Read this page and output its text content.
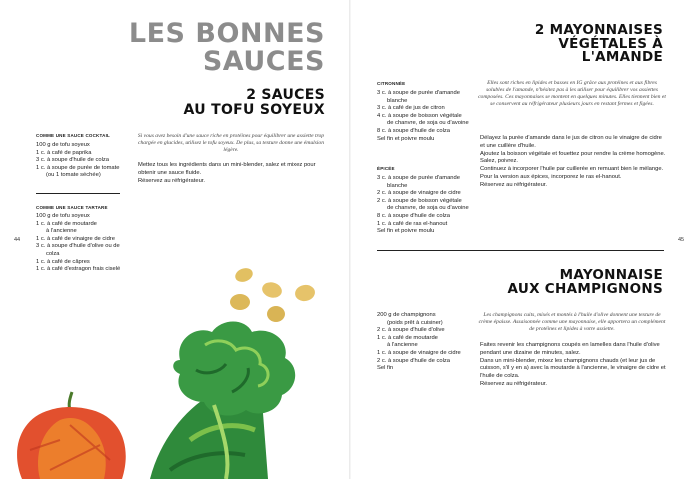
LES BONNES
SAUCES
2 SAUCES
AU TOFU SOYEUX
COMME UNE SAUCE COCKTAIL
100 g de tofu soyeux
1 c. à café de paprika
3 c. à soupe d'huile de colza
1 c. à soupe de purée de tomate
(ou 1 tomate séchée)
COMME UNE SAUCE TARTARE
100 g de tofu soyeux
1 c. à café de moutarde
à l'ancienne
1 c. à café de vinaigre de cidre
3 c. à soupe d'huile d'olive ou de
colza
1 c. à café de câpres
1 c. à café d'estragon frais ciselé
Si vous avez besoin d'une sauce riche en protéines pour équilibrer une assiette trop chargée en glucides, utilisez le tofu soyeux. De plus, sa texture donne une émulsion légère.
Mettez tous les ingrédients dans un mini-blender, salez et mixez pour obtenir une sauce fluide.
Réservez au réfrigérateur.
44
2 MAYONNAISES
VÉGÉTALES À
L'AMANDE
CITRONNÉE
3 c. à soupe de purée d'amande
blanche
3 c. à café de jus de citron
4 c. à soupe de boisson végétale
de chanvre, de soja ou d'avoine
8 c. à soupe d'huile de colza
Sel fin et poivre moulu
ÉPICÉE
3 c. à soupe de purée d'amande
blanche
2 c. à soupe de vinaigre de cidre
2 c. à soupe de boisson végétale
de chanvre, de soja ou d'avoine
8 c. à soupe d'huile de colza
1 c. à café de ras el-hanout
Sel fin et poivre moulu
Elles sont riches en lipides et basses en IG grâce aux protéines et aux fibres solubles de l'amande, n'hésitez pas à les utiliser pour équilibrer vos assiettes composées. Ces mayonnaises se montent en quelques minutes. Elles tiennent bien et se conservent au réfrigérateur plusieurs jours en restant fermes et figées.
Délayez la purée d'amande dans le jus de citron ou le vinaigre de cidre et une cuillère d'huile.
Ajoutez la boisson végétale et fouettez pour rendre la crème homogène. Salez, poivrez.
Continuez à incorporer l'huile par cuillerée en remuant bien le mélange.
Pour la version aux épices, incorporez le ras el-hanout.
Réservez au réfrigérateur.
45
MAYONNAISE
AUX CHAMPIGNONS
200 g de champignons
(poids prêt à cuisiner)
2 c. à soupe d'huile d'olive
1 c. à café de moutarde
à l'ancienne
1 c. à soupe de vinaigre de cidre
2 c. à soupe d'huile de colza
Sel fin
Les champignons cuits, mixés et montés à l'huile d'olive donnent une texture de crème épaisse. Assaisonnée comme une mayonnaise, elle apportera un complément de protéines et lipides à votre assiette.
Faites revenir les champignons coupés en lamelles dans l'huile d'olive pendant une dizaine de minutes, salez.
Dans un mini-blender, mixez les champignons chauds (et leur jus de cuisson, s'il y en a) avec la moutarde à l'ancienne, le vinaigre de cidre et l'huile de colza.
Réservez au réfrigérateur.
